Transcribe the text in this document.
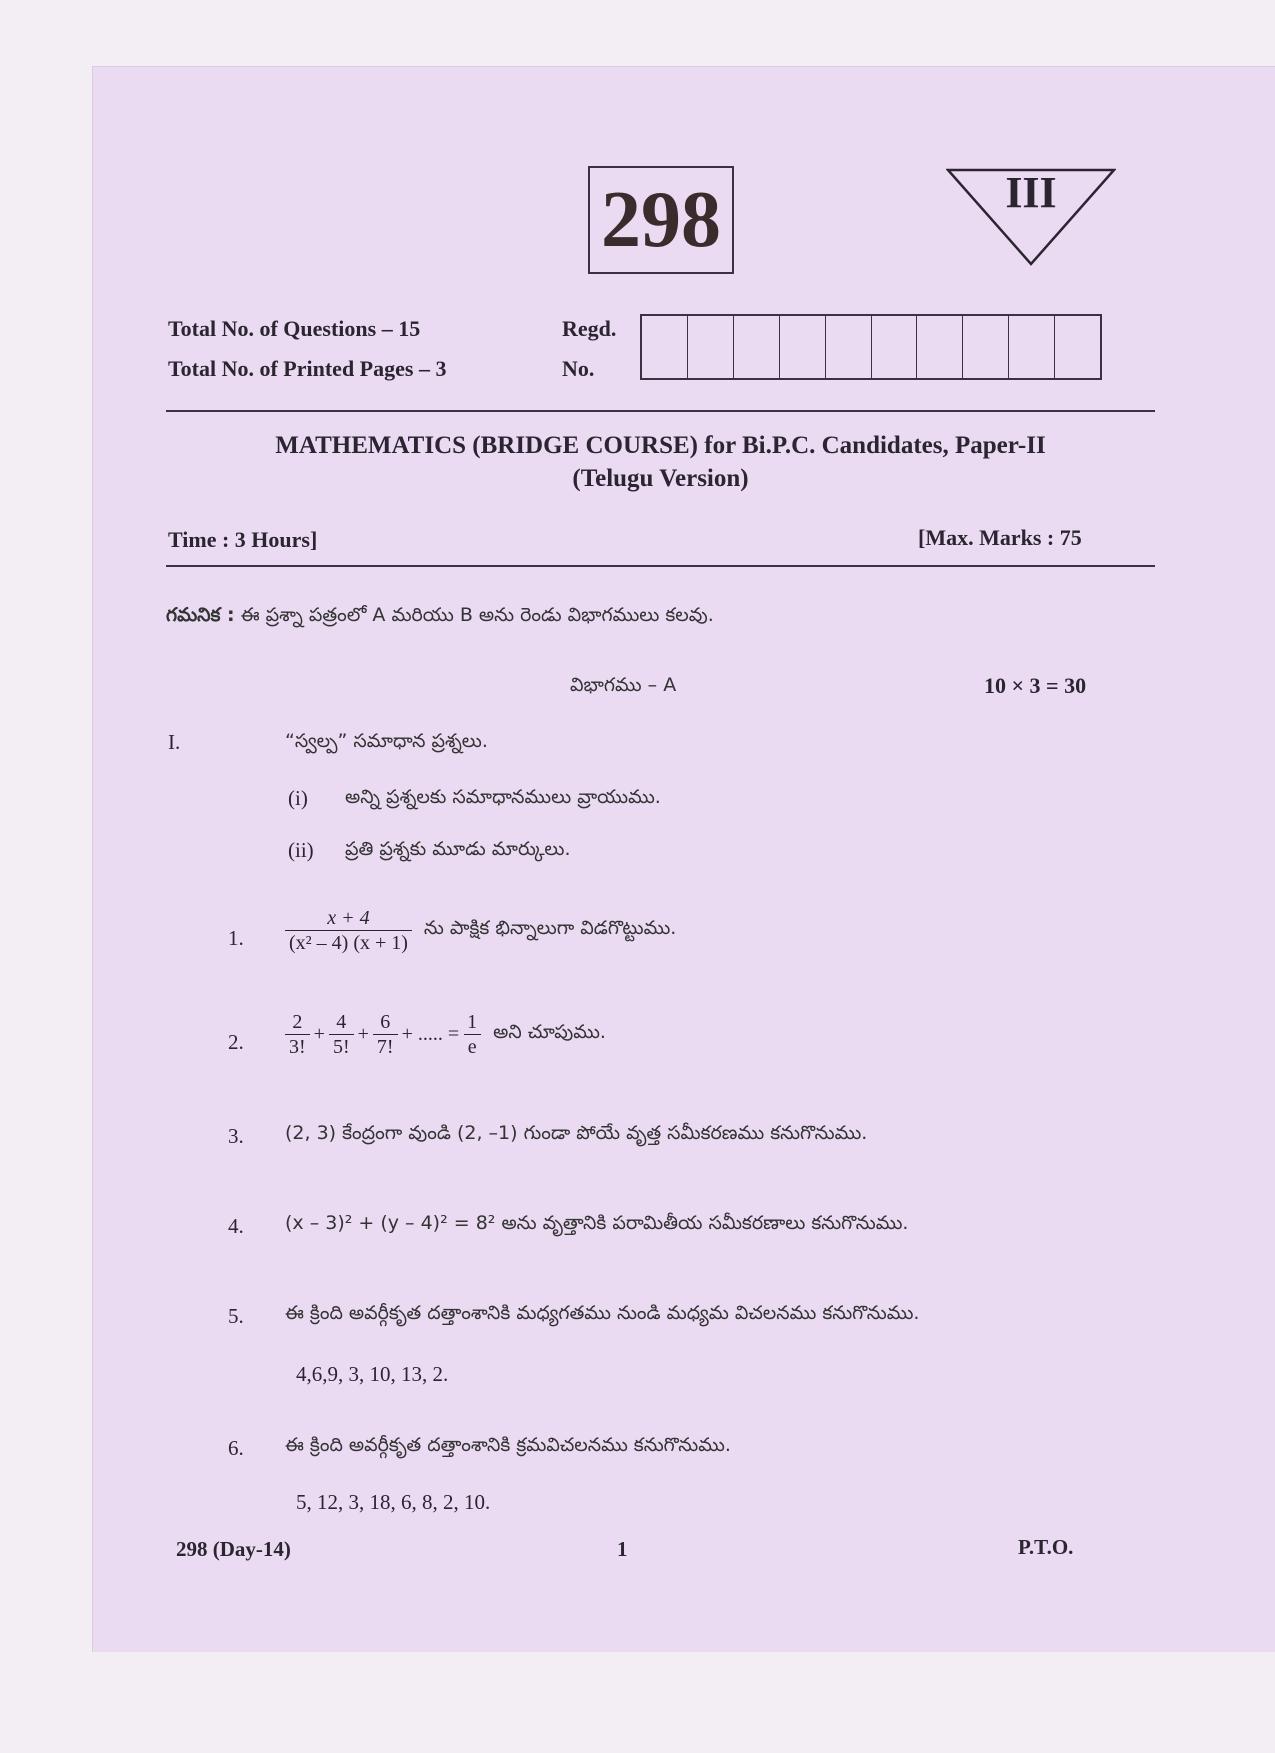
298	III
Total No. of Questions – 15
Total No. of Printed Pages – 3
Regd.
No.
MATHEMATICS (BRIDGE COURSE) for Bi.P.C. Candidates, Paper-II
(Telugu Version)
Time : 3 Hours]	[Max. Marks : 75
గమనిక : ఈ ప్రశ్నా పత్రంలో A మరియు B అను రెండు విభాగములు కలవు.
విభాగము – A	10 × 3 = 30
I.	“స్వల్ప” సమాధాన ప్రశ్నలు.
(i) అన్ని ప్రశ్నలకు సమాధానములు వ్రాయుము.
(ii) ప్రతి ప్రశ్నకు మూడు మార్కులు.
1. $\frac{x + 4}{\text{(x² – 4) (x + 1)}}$ ను పాక్షిక భిన్నాలుగా విడగొట్టుము.
2. $\frac{2}{3!} + \frac{4}{5!} + \frac{6}{7!}$ + ..... = $\frac{1}{e}$ అని చూపుము.
3. (2, 3) కేంద్రంగా వుండి (2, –1) గుండా పోయే వృత్త సమీకరణము కనుగొనుము.
4. (x – 3)² + (y – 4)² = 8² అను వృత్తానికి పరామితీయ సమీకరణాలు కనుగొనుము.
5. ఈ క్రింది అవర్గీకృత దత్తాంశానికి మధ్యగతము నుండి మధ్యమ విచలనము కనుగొనుము.
4,6,9, 3, 10, 13, 2.
6. ఈ క్రింది అవర్గీకృత దత్తాంశానికి క్రమవిచలనము కనుగొనుము.
5, 12, 3, 18, 6, 8, 2, 10.
298 (Day-14)	1	P.T.O.
